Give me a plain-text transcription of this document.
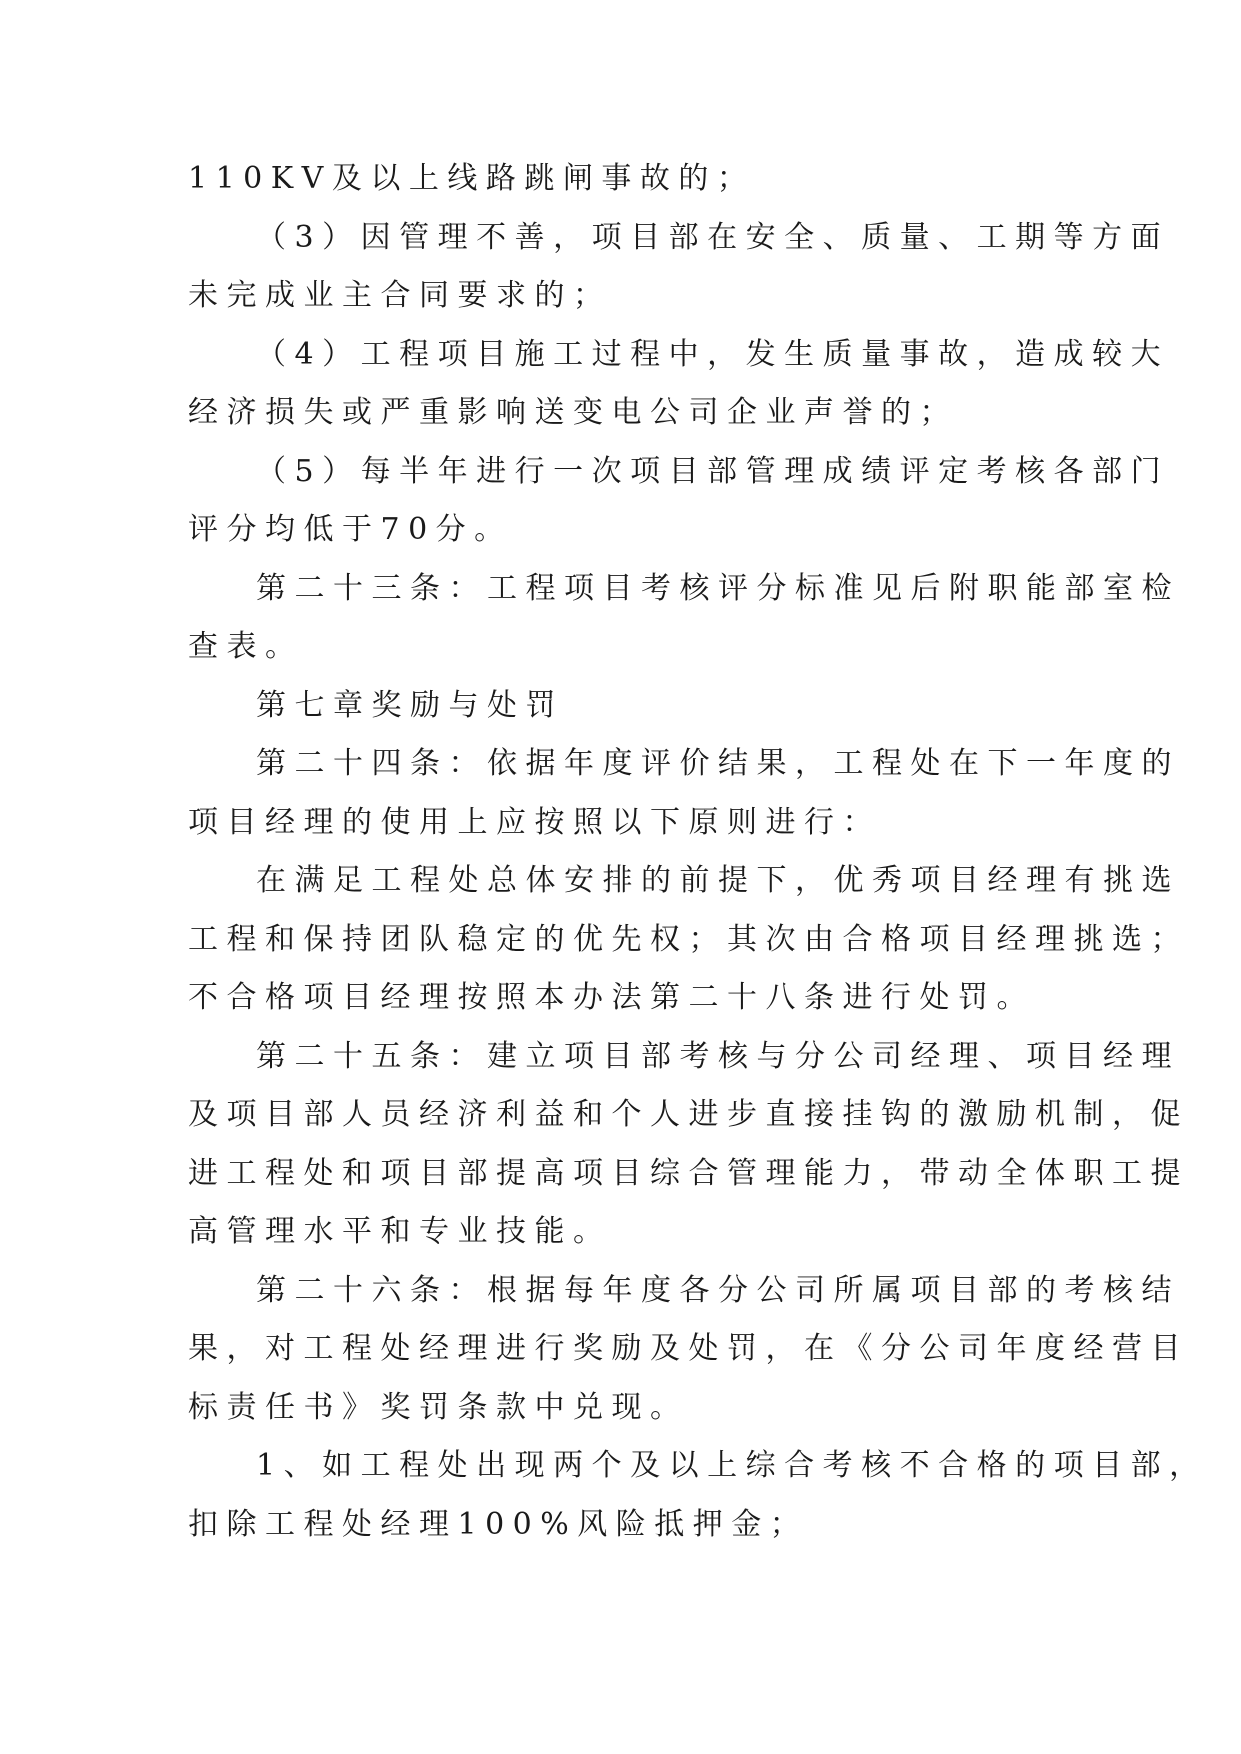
110KV及以上线路跳闸事故的；

（3）因管理不善，项目部在安全、质量、工期等方面
未完成业主合同要求的；

（4）工程项目施工过程中，发生质量事故，造成较大
经济损失或严重影响送变电公司企业声誉的；

（5）每半年进行一次项目部管理成绩评定考核各部门
评分均低于70分。

第二十三条：工程项目考核评分标准见后附职能部室检
查表。

第七章奖励与处罚

第二十四条：依据年度评价结果，工程处在下一年度的
项目经理的使用上应按照以下原则进行：

在满足工程处总体安排的前提下，优秀项目经理有挑选
工程和保持团队稳定的优先权；其次由合格项目经理挑选；
不合格项目经理按照本办法第二十八条进行处罚。

第二十五条：建立项目部考核与分公司经理、项目经理
及项目部人员经济利益和个人进步直接挂钩的激励机制，促
进工程处和项目部提高项目综合管理能力，带动全体职工提
高管理水平和专业技能。

第二十六条：根据每年度各分公司所属项目部的考核结
果，对工程处经理进行奖励及处罚，在《分公司年度经营目
标责任书》奖罚条款中兑现。

1、如工程处出现两个及以上综合考核不合格的项目部，
扣除工程处经理100%风险抵押金；
